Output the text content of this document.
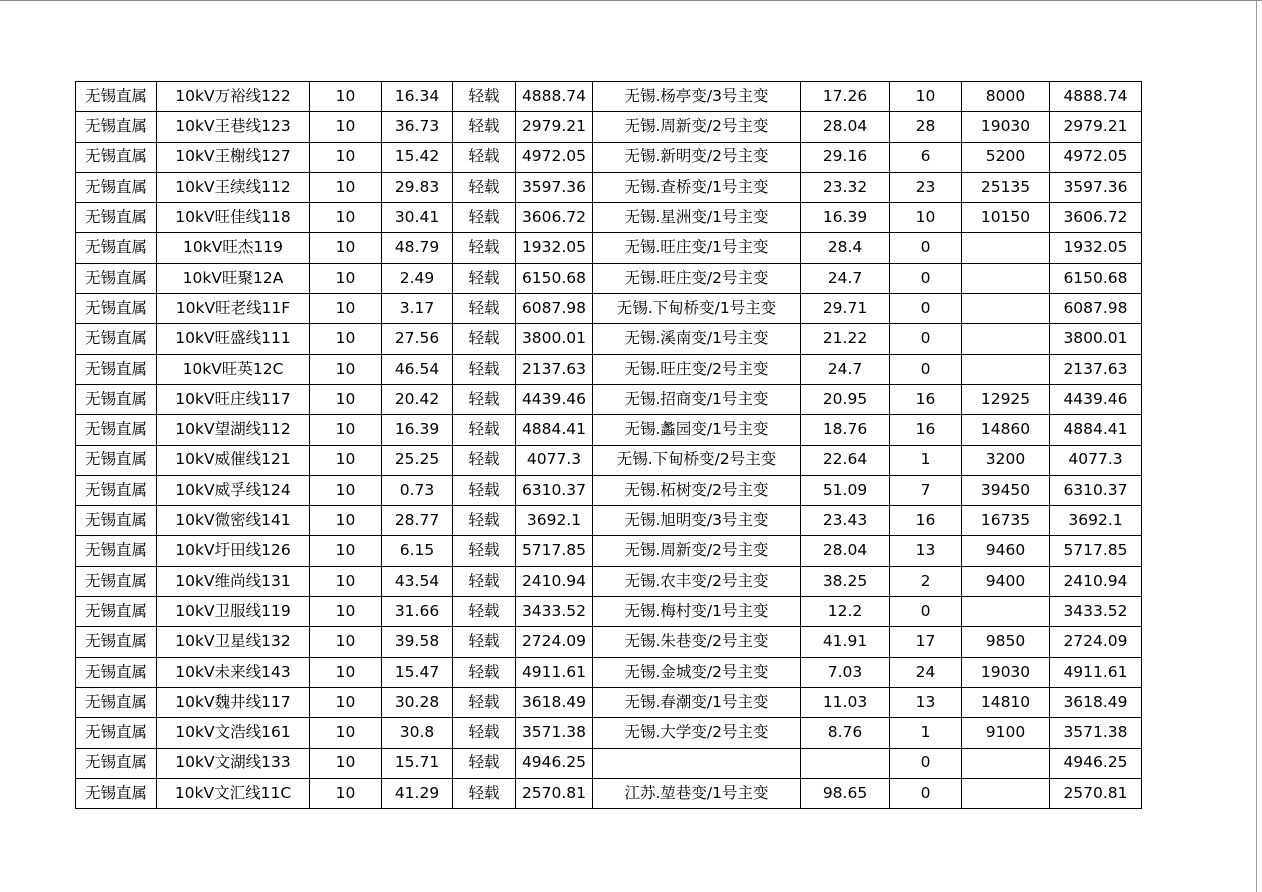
无锡直属	10kV万裕线122	10	16.34	轻载	4888.74	无锡.杨亭变/3号主变	17.26	10	8000	4888.74
无锡直属	10kV王巷线123	10	36.73	轻载	2979.21	无锡.周新变/2号主变	28.04	28	19030	2979.21
无锡直属	10kV王榭线127	10	15.42	轻载	4972.05	无锡.新明变/2号主变	29.16	6	5200	4972.05
无锡直属	10kV王续线112	10	29.83	轻载	3597.36	无锡.查桥变/1号主变	23.32	23	25135	3597.36
无锡直属	10kV旺佳线118	10	30.41	轻载	3606.72	无锡.星洲变/1号主变	16.39	10	10150	3606.72
无锡直属	10kV旺杰119	10	48.79	轻载	1932.05	无锡.旺庄变/1号主变	28.4	0		1932.05
无锡直属	10kV旺聚12A	10	2.49	轻载	6150.68	无锡.旺庄变/2号主变	24.7	0		6150.68
无锡直属	10kV旺老线11F	10	3.17	轻载	6087.98	无锡.下甸桥变/1号主变	29.71	0		6087.98
无锡直属	10kV旺盛线111	10	27.56	轻载	3800.01	无锡.溪南变/1号主变	21.22	0		3800.01
无锡直属	10kV旺英12C	10	46.54	轻载	2137.63	无锡.旺庄变/2号主变	24.7	0		2137.63
无锡直属	10kV旺庄线117	10	20.42	轻载	4439.46	无锡.招商变/1号主变	20.95	16	12925	4439.46
无锡直属	10kV望湖线112	10	16.39	轻载	4884.41	无锡.蠡园变/1号主变	18.76	16	14860	4884.41
无锡直属	10kV威催线121	10	25.25	轻载	4077.3	无锡.下甸桥变/2号主变	22.64	1	3200	4077.3
无锡直属	10kV威孚线124	10	0.73	轻载	6310.37	无锡.柘树变/2号主变	51.09	7	39450	6310.37
无锡直属	10kV微密线141	10	28.77	轻载	3692.1	无锡.旭明变/3号主变	23.43	16	16735	3692.1
无锡直属	10kV圩田线126	10	6.15	轻载	5717.85	无锡.周新变/2号主变	28.04	13	9460	5717.85
无锡直属	10kV维尚线131	10	43.54	轻载	2410.94	无锡.农丰变/2号主变	38.25	2	9400	2410.94
无锡直属	10kV卫服线119	10	31.66	轻载	3433.52	无锡.梅村变/1号主变	12.2	0		3433.52
无锡直属	10kV卫星线132	10	39.58	轻载	2724.09	无锡.朱巷变/2号主变	41.91	17	9850	2724.09
无锡直属	10kV未来线143	10	15.47	轻载	4911.61	无锡.金城变/2号主变	7.03	24	19030	4911.61
无锡直属	10kV魏井线117	10	30.28	轻载	3618.49	无锡.春潮变/1号主变	11.03	13	14810	3618.49
无锡直属	10kV文浩线161	10	30.8	轻载	3571.38	无锡.大学变/2号主变	8.76	1	9100	3571.38
无锡直属	10kV文湖线133	10	15.71	轻载	4946.25			0		4946.25
无锡直属	10kV文汇线11C	10	41.29	轻载	2570.81	江苏.堃巷变/1号主变	98.65	0		2570.81
